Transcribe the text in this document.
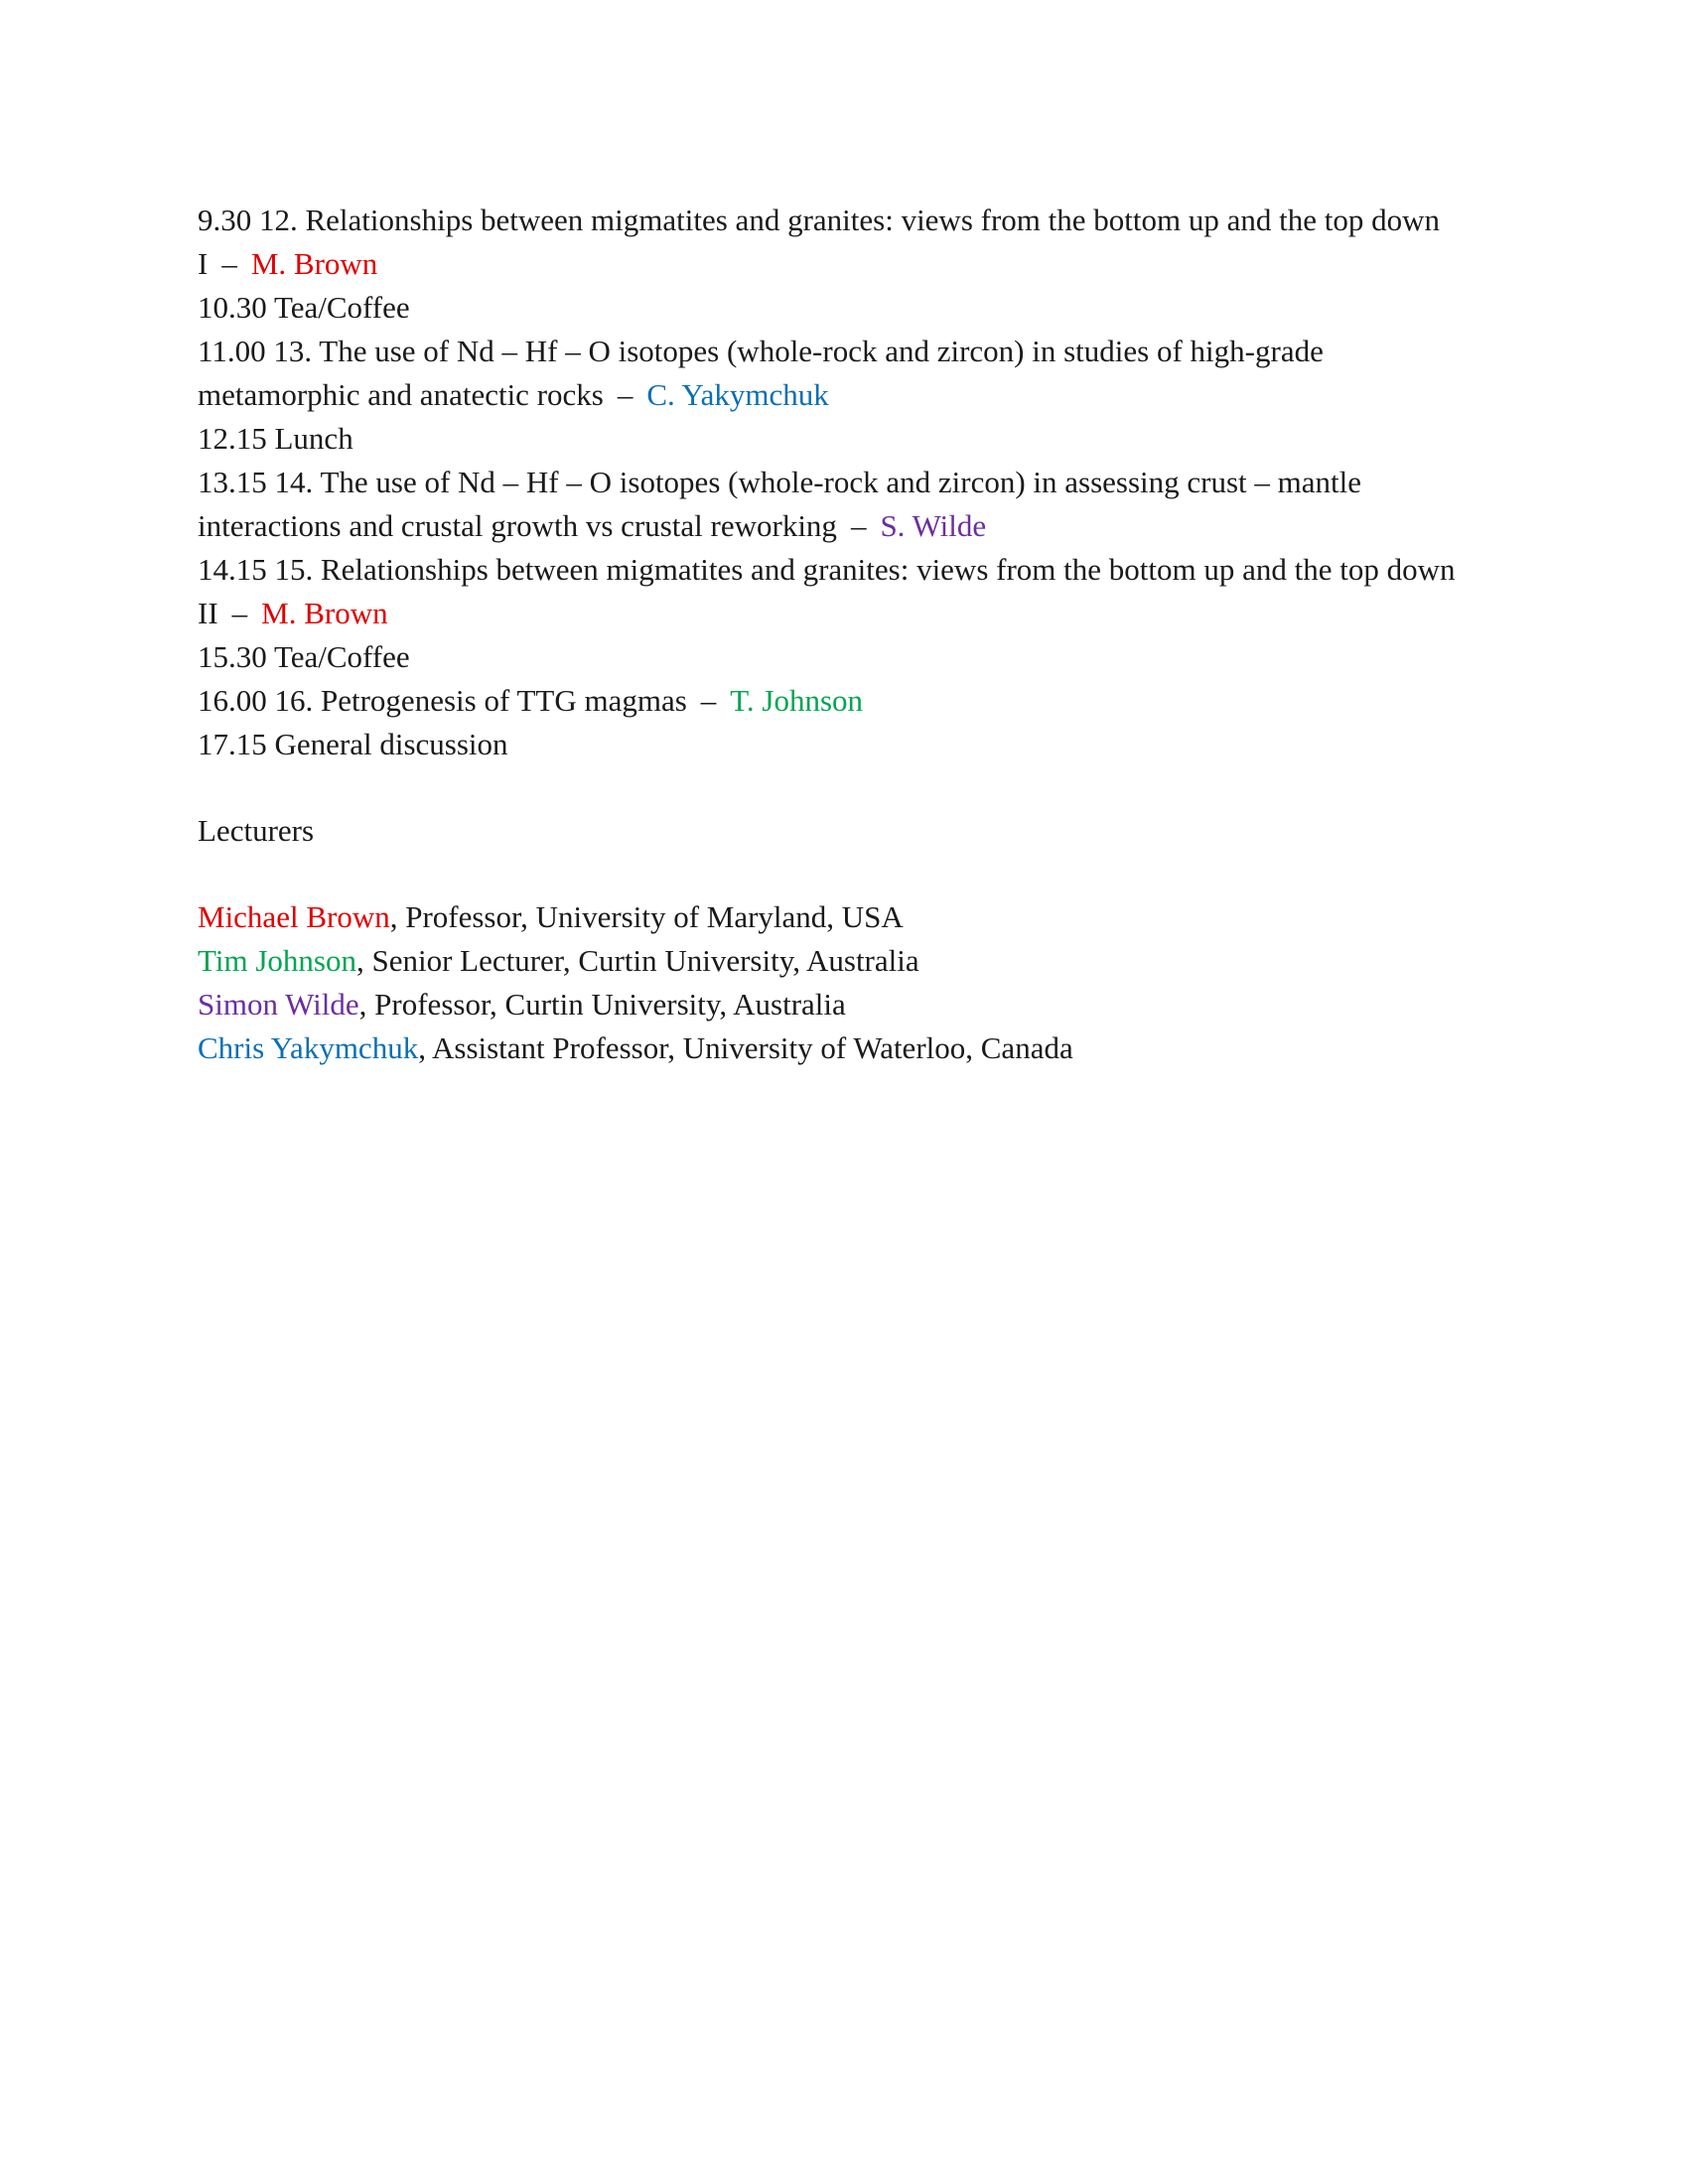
9.30 12. Relationships between migmatites and granites: views from the bottom up and the top down
I – M. Brown
10.30 Tea/Coffee
11.00 13. The use of Nd – Hf – O isotopes (whole-rock and zircon) in studies of high-grade
metamorphic and anatectic rocks – C. Yakymchuk
12.15 Lunch
13.15 14. The use of Nd – Hf – O isotopes (whole-rock and zircon) in assessing crust – mantle
interactions and crustal growth vs crustal reworking – S. Wilde
14.15 15. Relationships between migmatites and granites: views from the bottom up and the top down
II – M. Brown
15.30 Tea/Coffee
16.00 16. Petrogenesis of TTG magmas – T. Johnson
17.15 General discussion
Lecturers
Michael Brown, Professor, University of Maryland, USA
Tim Johnson, Senior Lecturer, Curtin University, Australia
Simon Wilde, Professor, Curtin University, Australia
Chris Yakymchuk, Assistant Professor, University of Waterloo, Canada
